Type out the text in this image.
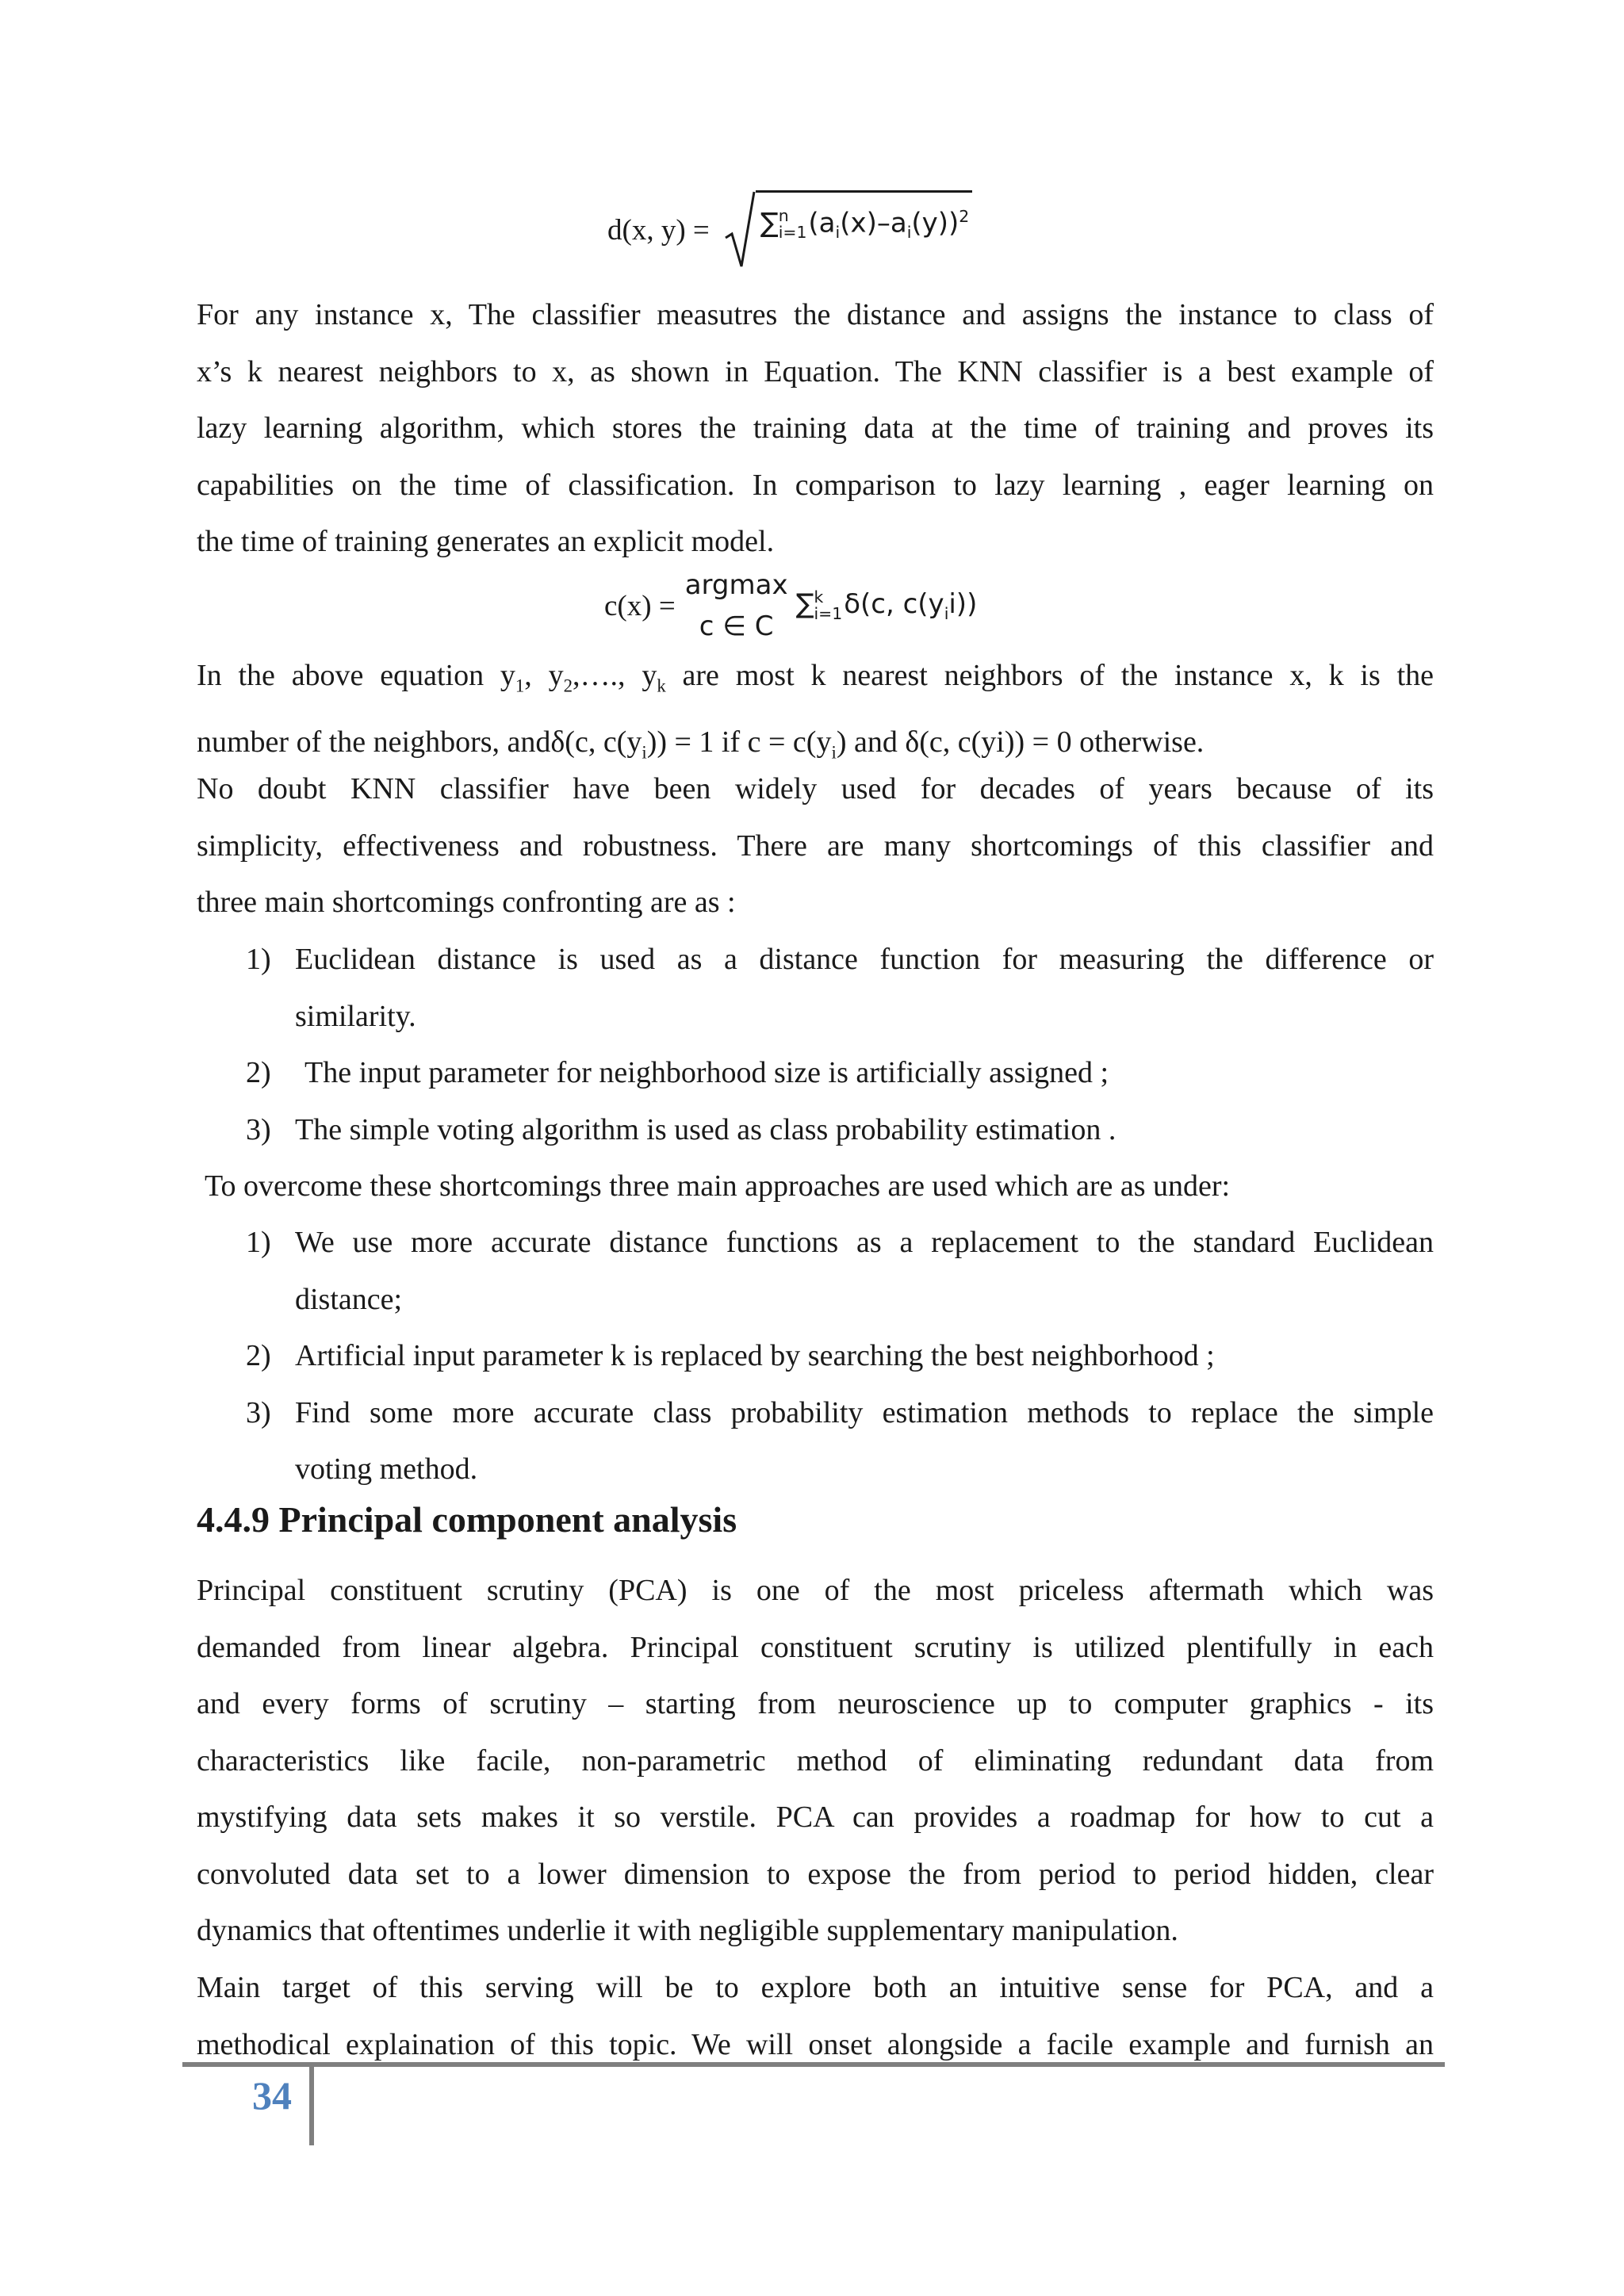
d(x, y) = ∑ n
i=1 $(a_i(x)-a_i(y))^2$
For any instance x, The classifier measutres the distance and assigns the instance to class of
x’s k nearest neighbors to x, as shown in Equation. The KNN classifier is a best example of
lazy learning algorithm, which stores the training data at the time of training and proves its
capabilities on the time of classification. In comparison to lazy learning , eager learning on
the time of training generates an explicit model.
c(x) =
argmax
c ∈ C
∑ k
i=1 δ(c, $c(y_ii)$)
In the above equation $y_1$, $y_2,\dots$., $y_k$ are most k nearest neighbors of the instance x, k is the
number of the neighbors, andδ(c, $c(y_i)) = 1$ if $c = c(y_i)$ and δ(c, c(yi)) = 0 otherwise.
No doubt KNN classifier have been widely used for decades of years because of its
simplicity, effectiveness and robustness. There are many shortcomings of this classifier and
three main shortcomings confronting are as :
1) Euclidean distance is used as a distance function for measuring the difference or
similarity.
2)	The input parameter for neighborhood size is artificially assigned ;
3) The simple voting algorithm is used as class probability estimation .
To overcome these shortcomings three main approaches are used which are as under:
1) We use more accurate distance functions as a replacement to the standard Euclidean
distance;
2) Artificial input parameter k is replaced by searching the best neighborhood ;
3) Find some more accurate class probability estimation methods to replace the simple
voting method.
4.4.9 Principal component analysis
Principal constituent scrutiny (PCA) is one of the most priceless aftermath which was
demanded from linear algebra. Principal constituent scrutiny is utilized plentifully in each
and every forms of scrutiny – starting from neuroscience up to computer graphics - its
characteristics like facile, non-parametric method of eliminating redundant data from
mystifying data sets makes it so verstile. PCA can provides a roadmap for how to cut a
convoluted data set to a lower dimension to expose the from period to period hidden, clear
dynamics that oftentimes underlie it with negligible supplementary manipulation.
Main target of this serving will be to explore both an intuitive sense for PCA, and a
methodical explaination of this topic. We will onset alongside a facile example and furnish an
34
